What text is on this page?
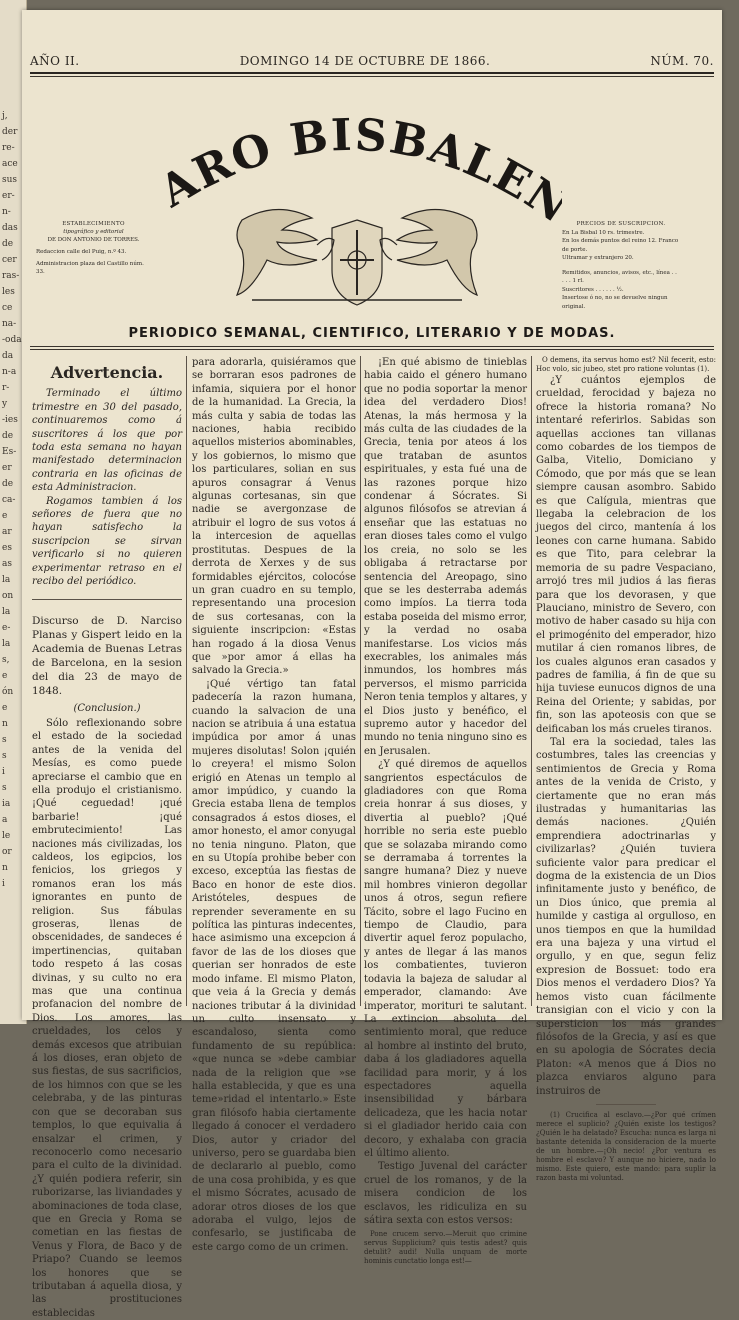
j,
der
re-
ace
sus
er-
n-
das
de
cer
ras-
les
ce
na-
-oda
da
n-a
r-
y
-ies
de
Es-
er
de
ca-
e
ar
es
as
la
on
la
e-
la
s,
e
ón
e
n
s
s
i
s
ia
a
le
or
n
i
AÑO II.	DOMINGO 14 DE OCTUBRE DE 1866.	NÚM. 70.
ARO BISBALE
ESTABLECIMIENTO
tipográfico y editorial
DE DON ANTONIO DE TORRES.
Redaccion calle del Puig, n.º 43.
Administracion plaza del Castillo núm. 33.
PRECIOS DE SUSCRIPCION.
En La Bisbal 10 rs. trimestre.
En los demás puntos del reino 12. Franco de porte.
Ultramar y extranjero 20.
Remitidos, anuncios, avisos, etc., línea . . . . . 1 rl.
Suscritores . . . . . . ½.
Insertose ó no, no se devuelve ningun original.
PERIODICO SEMANAL, CIENTIFICO, LITERARIO Y DE MODAS.
Advertencia.

Terminado el último trimestre en 30 del pasado, continuaremos como á suscritores á los que por toda esta semana no hayan manifestado determinacion contraria en las oficinas de esta Administracion.

Rogamos tambien á los señores de fuera que no hayan satisfecho la suscripcion se sirvan verificarlo si no quieren experimentar retraso en el recibo del periódico.

Discurso de D. Narciso Planas y Gispert leido en la Academia de Buenas Letras de Barcelona, en la sesion del dia 23 de mayo de 1848.
(Conclusion.)

Sólo reflexionando sobre el estado de la sociedad antes de la venida del Mesías, es como puede apreciarse el cambio que en ella produjo el cristianismo. ¡Qué ceguedad! ¡qué barbarie! ¡qué embrutecimiento! Las naciones más civilizadas, los caldeos, los egipcios, los fenicios, los griegos y romanos eran los más ignorantes en punto de religion. Sus fábulas groseras, llenas de obscenidades, de sandeces é impertinencias, quitaban todo respeto á las cosas divinas, y su culto no era mas que una continua profanacion del nombre de Dios. Los amores, las crueldades, los celos y demás excesos que atribuian á los dioses, eran objeto de sus fiestas, de sus sacrificios, de los himnos con que se les celebraba, y de las pinturas con que se decoraban sus templos, lo que equivalia á ensalzar el crimen, y reconocerlo como necesario para el culto de la divinidad. ¿Y quién podiera referir, sin ruborizarse, las liviandades y abominaciones de toda clase, que en Grecia y Roma se cometian en las fiestas de Venus y Flora, de Baco y de Priapo? Cuando se leemos los honores que se tributaban á aquella diosa, y las prostituciones establecidas

para adorarla, quisiéramos que se borraran esos padrones de infamia, siquiera por el honor de la humanidad. La Grecia, la más culta y sabia de todas las naciones, habia recibido aquellos misterios abominables, y los gobiernos, lo mismo que los particulares, solian en sus apuros consagrar á Venus algunas cortesanas, sin que nadie se avergonzase de atribuir el logro de sus votos á la intercesion de aquellas prostitutas. Despues de la derrota de Xerxes y de sus formidables ejércitos, colocóse un gran cuadro en su templo, representando una procesion de sus cortesanas, con la siguiente inscripcion: «Estas han rogado á la diosa Venus que »por amor á ellas ha salvado la Grecia.»

¡Qué vértigo tan fatal padecería la razon humana, cuando la salvacion de una nacion se atribuia á una estatua impúdica por amor á unas mujeres disolutas! Solon ¡quién lo creyera! el mismo Solon erigió en Atenas un templo al amor impúdico, y cuando la Grecia estaba llena de templos consagrados á estos dioses, el amor honesto, el amor conyugal no tenia ninguno. Platon, que en su Utopía prohibe beber con exceso, exceptúa las fiestas de Baco en honor de este dios. Aristóteles, despues de reprender severamente en su política las pinturas indecentes, hace asimismo una excepcion á favor de las de los dioses que querian ser honrados de este modo infame. El mismo Platon, que veia á la Grecia y demás naciones tributar á la divinidad un culto insensato y escandaloso, sienta como fundamento de su república: «que nunca se »debe cambiar nada de la religion que »se halla establecida, y que es una teme»ridad el intentarlo.» Este gran filósofo habia ciertamente llegado á conocer el verdadero Dios, autor y criador del universo, pero se guardaba bien de declararlo al pueblo, como de una cosa prohibida, y es que el mismo Sócrates, acusado de adorar otros dioses de los que adoraba el vulgo, lejos de confesarlo, se justificaba de este cargo como de un crimen.

¡En qué abismo de tinieblas habia caido el género humano que no podia soportar la menor idea del verdadero Dios! Atenas, la más hermosa y la más culta de las ciudades de la Grecia, tenia por ateos á los que trataban de asuntos espirituales, y esta fué una de las razones porque hizo condenar á Sócrates. Si algunos filósofos se atrevian á enseñar que las estatuas no eran dioses tales como el vulgo los creia, no solo se les obligaba á retractarse por sentencia del Areopago, sino que se les desterraba además como impíos. La tierra toda estaba poseida del mismo error, y la verdad no osaba manifestarse. Los vicios más execrables, los animales más inmundos, los hombres más perversos, el mismo parricida Neron tenia templos y altares, y el Dios justo y benéfico, el supremo autor y hacedor del mundo no tenia ninguno sino es en Jerusalen.

¿Y qué diremos de aquellos sangrientos espectáculos de gladiadores con que Roma creia honrar á sus dioses, y divertia al pueblo? ¡Qué horrible no seria este pueblo que se solazaba mirando como se derramaba á torrentes la sangre humana? Diez y nueve mil hombres vinieron degollar unos á otros, segun refiere Tácito, sobre el lago Fucino en tiempo de Claudio, para divertir aquel feroz populacho, y antes de llegar á las manos los combatientes, tuvieron todavia la bajeza de saludar al emperador, clamando: Ave imperator, morituri te salutant. La extincion absoluta del sentimiento moral, que reduce al hombre al instinto del bruto, daba á los gladiadores aquella facilidad para morir, y á los espectadores aquella insensibilidad y bárbara delicadeza, que les hacia notar si el gladiador herido caia con decoro, y exhalaba con gracia el último aliento.

Testigo Juvenal del carácter cruel de los romanos, y de la misera condicion de los esclavos, les ridiculiza en su sátira sexta con estos versos:

Pone crucem servo.—Meruit quo crimine servus Supplicium? quis testis adest? quis detulit? audi! Nulla unquam de morte hominis cunctatio longa est!—

O demens, ita servus homo est? Nil fecerit, esto: Hoc volo, sic jubeo, stet pro ratione voluntas (1).

¿Y cuántos ejemplos de crueldad, ferocidad y bajeza no ofrece la historia romana? No intentaré referirlos. Sabidas son aquellas acciones tan villanas como cobardes de los tiempos de Galba, Vitelio, Domiciano y Cómodo, que por más que se lean siempre causan asombro. Sabido es que Calígula, mientras que llegaba la celebracion de los juegos del circo, mantenía á los leones con carne humana. Sabido es que Tito, para celebrar la memoria de su padre Vespaciano, arrojó tres mil judios á las fieras para que los devorasen, y que Plauciano, ministro de Severo, con motivo de haber casado su hija con el primogénito del emperador, hizo mutilar á cien romanos libres, de los cuales algunos eran casados y padres de familia, á fin de que su hija tuviese eunucos dignos de una Reina del Oriente; y sabidas, por fin, son las apoteosis con que se deificaban los más crueles tiranos.

Tal era la sociedad, tales las costumbres, tales las creencias y sentimientos de Grecia y Roma antes de la venida de Cristo, y ciertamente que no eran más ilustradas y humanitarias las demás naciones. ¿Quién emprendiera adoctrinarlas y civilizarlas? ¿Quién tuviera suficiente valor para predicar el dogma de la existencia de un Dios infinitamente justo y benéfico, de un Dios único, que premia al humilde y castiga al orgulloso, en unos tiempos en que la humildad era una bajeza y una virtud el orgullo, y en que, segun feliz expresion de Bossuet: todo era Dios menos el verdadero Dios? Ya hemos visto cuan fácilmente transigian con el vicio y con la supersticion los más grandes filósofos de la Grecia, y así es que en su apologia de Sócrates decia Platon: «A menos que á Dios no plazca enviaros alguno para instruiros de

(1) Crucifica al esclavo.—¿Por qué crímen merece el suplicio? ¿Quién existe los testigos? ¿Quién le ha delatado? Escucha: nunca es larga ni bastante detenida la consideracion de la muerte de un hombre.—¡Oh necio! ¿Por ventura es hombre el esclavo? Y aunque no hiciere, nada lo mismo. Este quiero, este mando: para suplir la razon basta mi voluntad.
